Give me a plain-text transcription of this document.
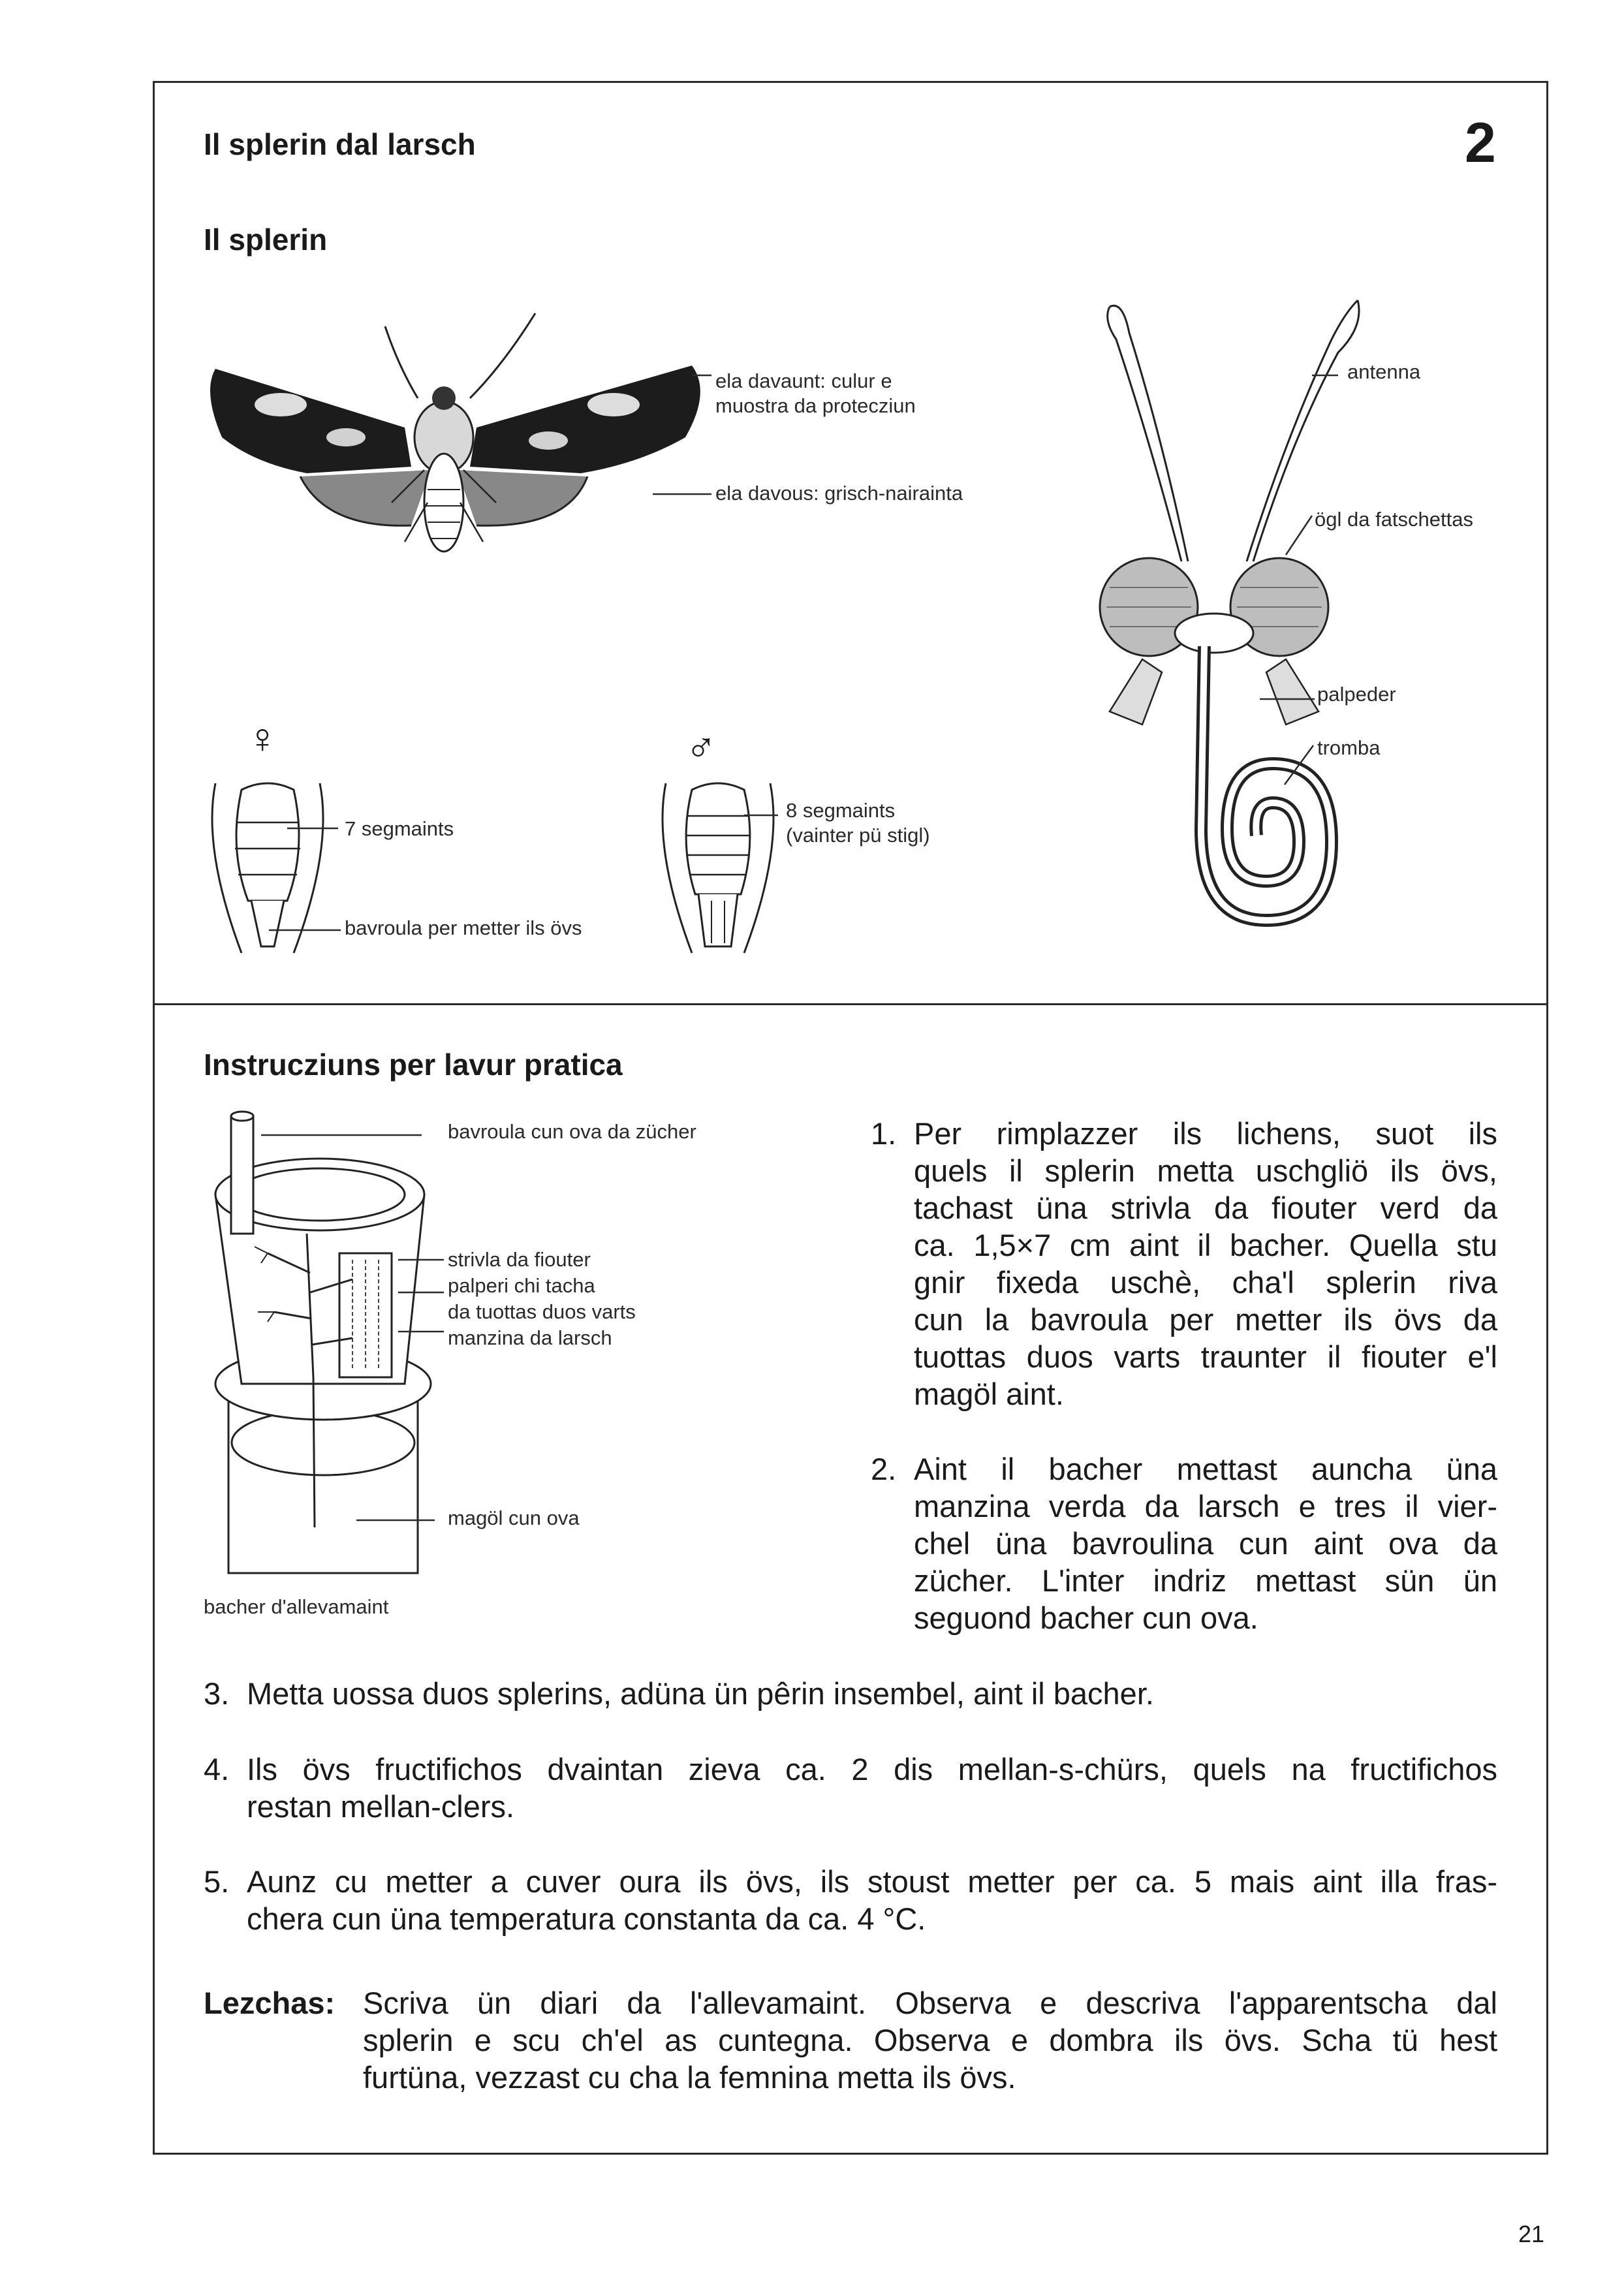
Il splerin dal larsch	2
Il splerin
ela davaunt: culur e
muostra da protecziun
ela davous: grisch-nairainta
antenna
ögl da fatschettas
palpeder
tromba
♀
7 segmaints
bavroula per metter ils övs
♂
8 segmaints
(vainter pü stigl)
Instrucziuns per lavur pratica
bavroula cun ova da zücher
strivla da fiouter
palperi chi tacha
da tuottas duos varts
manzina da larsch
magöl cun ova
bacher d'allevamaint
1. Per rimplazzer ils lichens, suot ils
quels il splerin metta uschgliö ils övs,
tachast üna strivla da fiouter verd da
ca. 1,5×7 cm aint il bacher. Quella stu
gnir fixeda uschè, cha'l splerin riva
cun la bavroula per metter ils övs da
tuottas duos varts traunter il fiouter e'l
magöl aint.
2. Aint il bacher mettast auncha üna
manzina verda da larsch e tres il vier-
chel üna bavroulina cun aint ova da
zücher. L'inter indriz mettast sün ün
seguond bacher cun ova.
3. Metta uossa duos splerins, adüna ün pêrin insembel, aint il bacher.
4. Ils övs fructifichos dvaintan zieva ca. 2 dis mellan-s-chürs, quels na fructifichos
restan mellan-clers.
5. Aunz cu metter a cuver oura ils övs, ils stoust metter per ca. 5 mais aint illa fras-
chera cun üna temperatura constanta da ca. 4 °C.
Lezchas: Scriva ün diari da l'allevamaint. Observa e descriva l'apparentscha dal
splerin e scu ch'el as cuntegna. Observa e dombra ils övs. Scha tü hest
furtüna, vezzast cu cha la femnina metta ils övs.
21
